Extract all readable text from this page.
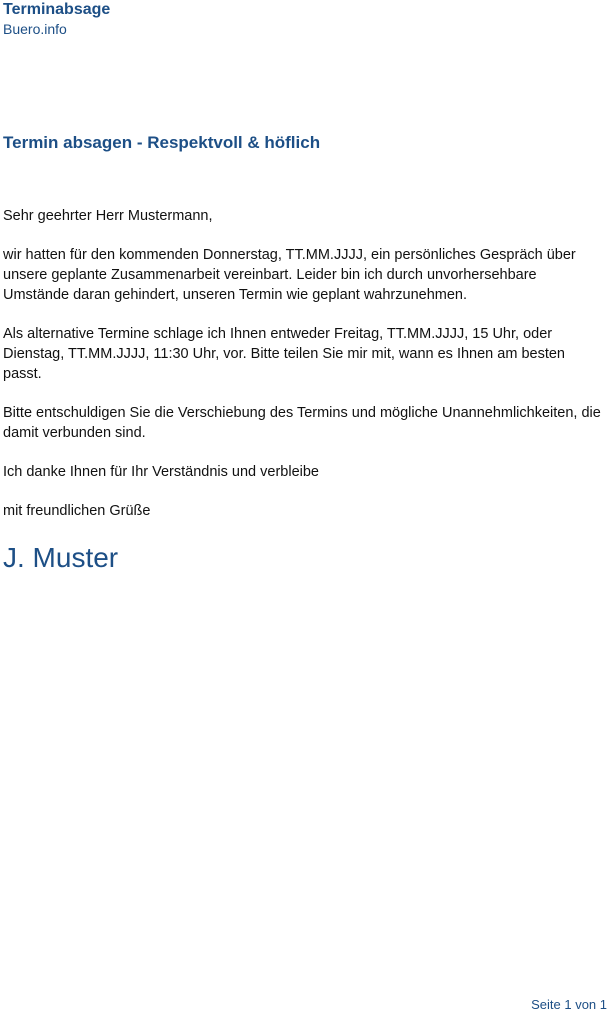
Terminabsage
Buero.info
Termin absagen - Respektvoll & höflich

Sehr geehrter Herr Mustermann,

wir hatten für den kommenden Donnerstag, TT.MM.JJJJ, ein persönliches Gespräch über unsere geplante Zusammenarbeit vereinbart. Leider bin ich durch unvorhersehbare Umstände daran gehindert, unseren Termin wie geplant wahrzunehmen.

Als alternative Termine schlage ich Ihnen entweder Freitag, TT.MM.JJJJ, 15 Uhr, oder Dienstag, TT.MM.JJJJ, 11:30 Uhr, vor. Bitte teilen Sie mir mit, wann es Ihnen am besten passt.

Bitte entschuldigen Sie die Verschiebung des Termins und mögliche Unannehmlichkeiten, die damit verbunden sind.

Ich danke Ihnen für Ihr Verständnis und verbleibe

mit freundlichen Grüße

J. Muster
Seite 1 von 1
